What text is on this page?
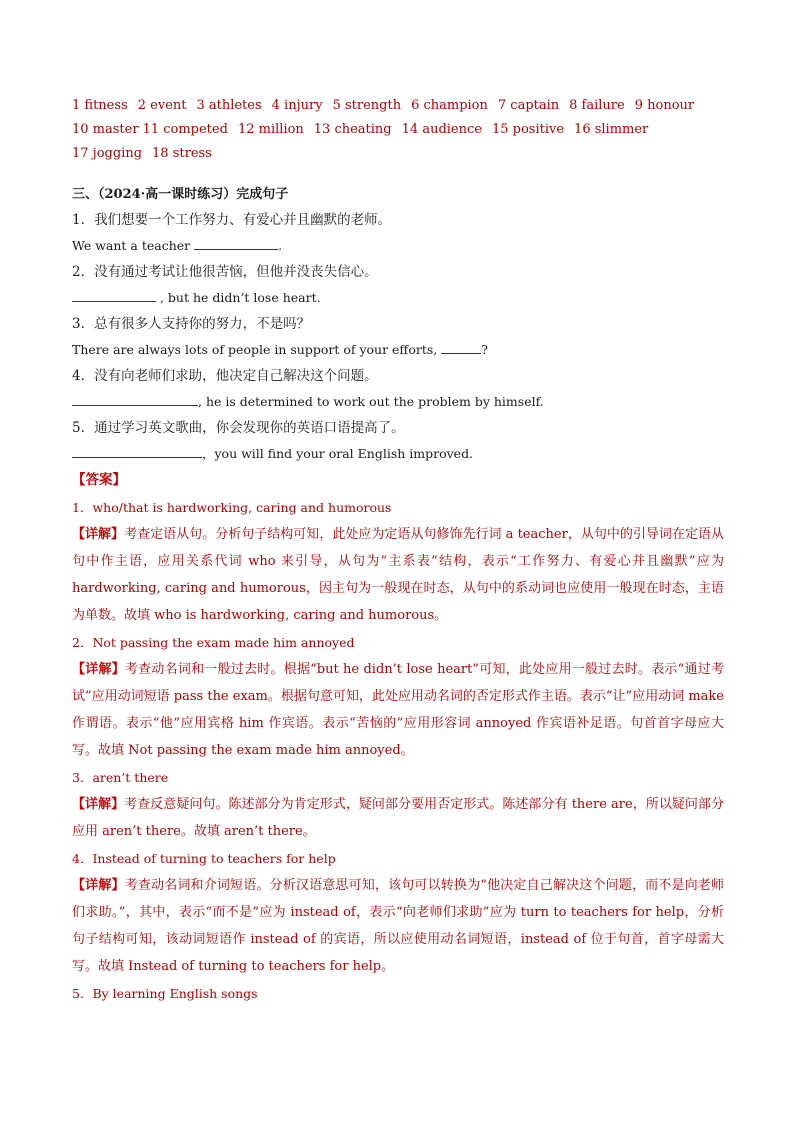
1 fitness 2 event 3 athletes 4 injury 5 strength 6 champion 7 captain 8 failure 9 honour
10 master 11 competed 12 million 13 cheating 14 audience 15 positive 16 slimmer
17 jogging 18 stress
三、（2024·高一课时练习）完成句子
1．我们想要一个工作努力、有爱心并且幽默的老师。
We want a teacher	.
2．没有通过考试让他很苦恼，但他并没丧失信心。
, but he didn’t lose heart.
3．总有很多人支持你的努力，不是吗？
There are always lots of people in support of your efforts,	?
4．没有向老师们求助，他决定自己解决这个问题。
, he is determined to work out the problem by himself.
5．通过学习英文歌曲，你会发现你的英语口语提高了。
，you will find your oral English improved.
【答案】
1．who/that is hardworking, caring and humorous
【详解】考查定语从句。分析句子结构可知，此处应为定语从句修饰先行词 a teacher，从句中的引导词在定语从句中作主语，应用关系代词 who 来引导，从句为“主系表”结构，表示“工作努力、有爱心并且幽默”应为 hardworking, caring and humorous，因主句为一般现在时态，从句中的系动词也应使用一般现在时态，主语为单数。故填 who is hardworking, caring and humorous。
2．Not passing the exam made him annoyed
【详解】考查动名词和一般过去时。根据“but he didn’t lose heart”可知，此处应用一般过去时。表示“通过考试”应用动词短语 pass the exam。根据句意可知，此处应用动名词的否定形式作主语。表示“让”应用动词 make 作谓语。表示“他”应用宾格 him 作宾语。表示“苦恼的”应用形容词 annoyed 作宾语补足语。句首首字母应大写。故填 Not passing the exam made him annoyed。
3．aren’t there
【详解】考查反意疑问句。陈述部分为肯定形式，疑问部分要用否定形式。陈述部分有 there are，所以疑问部分应用 aren’t there。故填 aren’t there。
4．Instead of turning to teachers for help
【详解】考查动名词和介词短语。分析汉语意思可知，该句可以转换为“他决定自己解决这个问题，而不是向老师们求助。”，其中，表示“而不是”应为 instead of，表示“向老师们求助”应为 turn to teachers for help，分析句子结构可知，该动词短语作 instead of 的宾语，所以应使用动名词短语，instead of 位于句首，首字母需大写。故填 Instead of turning to teachers for help。
5．By learning English songs
